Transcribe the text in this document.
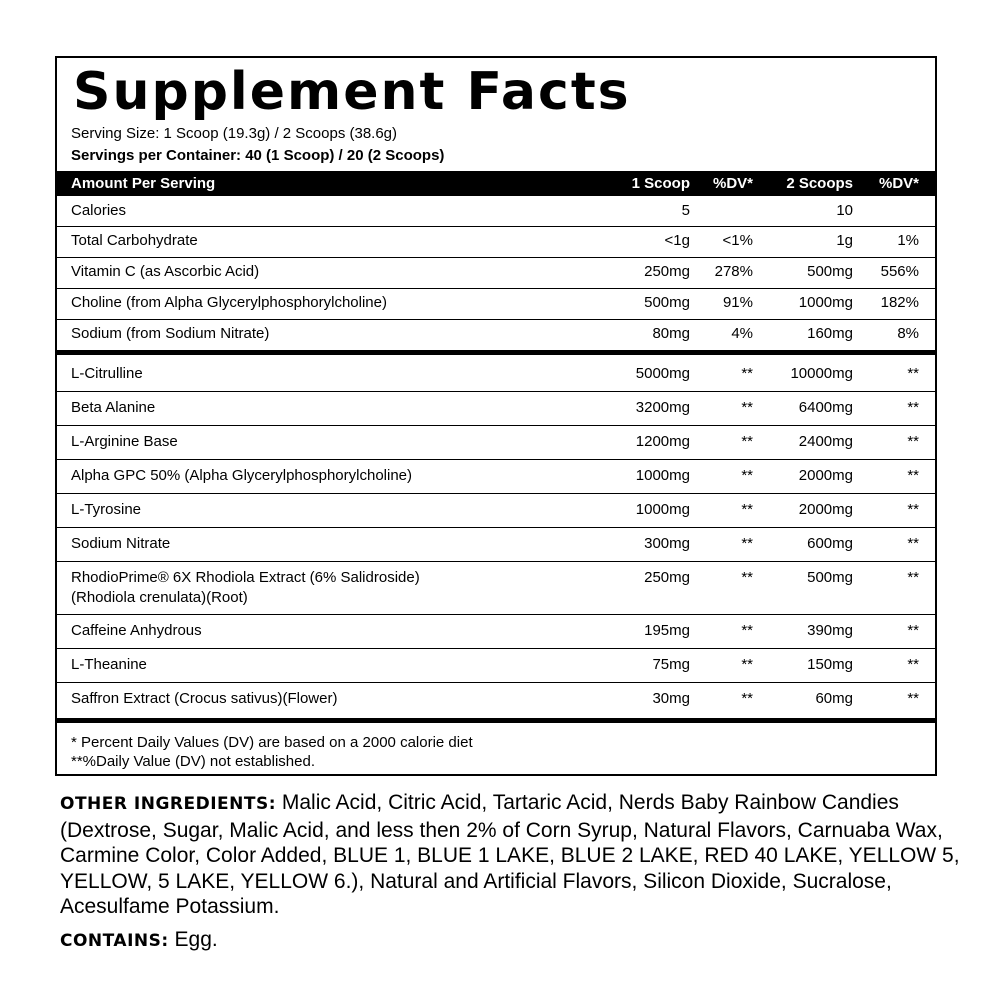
Supplement Facts
Serving Size: 1 Scoop (19.3g) / 2 Scoops (38.6g)
Servings per Container: 40 (1 Scoop) / 20 (2 Scoops)
Amount Per Serving	1 Scoop %DV* 2 Scoops %DV*
Calories	5	10
Total Carbohydrate	<1g <1%	1g	1%
Vitamin C (as Ascorbic Acid)	250mg 278%	500mg 556%
Choline (from Alpha Glycerylphosphorylcholine)	500mg 91%	1000mg 182%
Sodium (from Sodium Nitrate)	80mg	4%	160mg	8%
L-Citrulline	5000mg	** 10000mg	**
Beta Alanine	3200mg	**	6400mg	**
L-Arginine Base	1200mg	**	2400mg	**
Alpha GPC 50% (Alpha Glycerylphosphorylcholine)	1000mg	**	2000mg	**
L-Tyrosine	1000mg	**	2000mg	**
Sodium Nitrate	300mg	**	600mg	**
RhodioPrime® 6X Rhodiola Extract (6% Salidroside)
(Rhodiola crenulata)(Root)
250mg	**	500mg	**
Caffeine Anhydrous	195mg	**	390mg	**
L-Theanine	75mg	**	150mg	**
Saffron Extract (Crocus sativus)(Flower)	30mg	**	60mg	**
* Percent Daily Values (DV) are based on a 2000 calorie diet
**%Daily Value (DV) not established.
OTHER INGREDIENTS: Malic Acid, Citric Acid, Tartaric Acid, Nerds Baby Rainbow Candies (Dextrose, Sugar, Malic Acid, and less then 2% of Corn Syrup, Natural Flavors, Carnuaba Wax, Carmine Color, Color Added, BLUE 1, BLUE 1 LAKE, BLUE 2 LAKE, RED 40 LAKE, YELLOW 5, YELLOW, 5 LAKE, YELLOW 6.), Natural and Artificial Flavors, Silicon Dioxide, Sucralose, Acesulfame Potassium.
CONTAINS: Egg.
